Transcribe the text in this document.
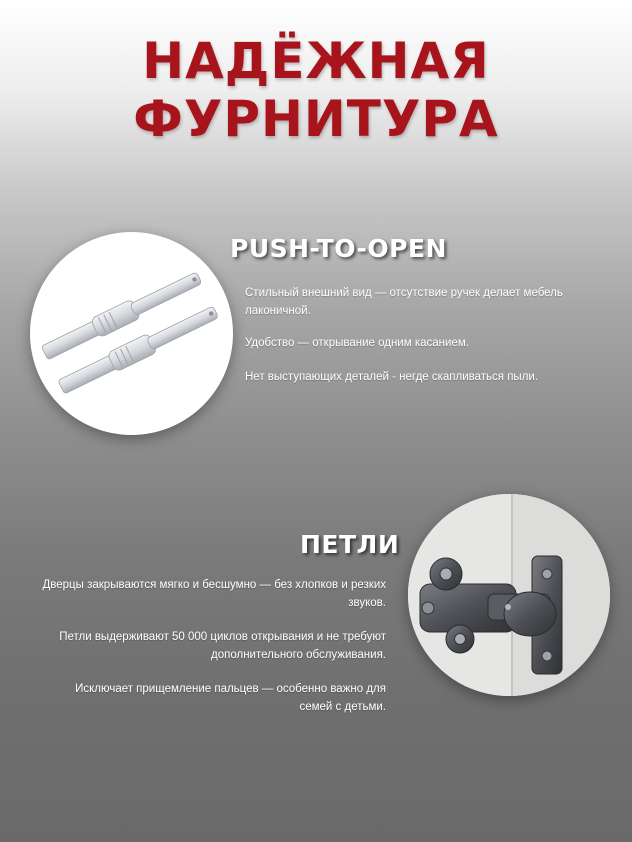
НАДЁЖНАЯ
ФУРНИТУРА
PUSH-TO-OPEN
Стильный внешний вид — отсутствие ручек делает мебель лаконичной.
Удобство — открывание одним касанием.
Нет выступающих деталей - негде скапливаться пыли.
ПЕТЛИ
Дверцы закрываются мягко и бесшумно — без хлопков и резких звуков.
Петли выдерживают 50 000 циклов открывания и не требуют дополнительного обслуживания.
Исключает прищемление пальцев — особенно важно для семей с детьми.
